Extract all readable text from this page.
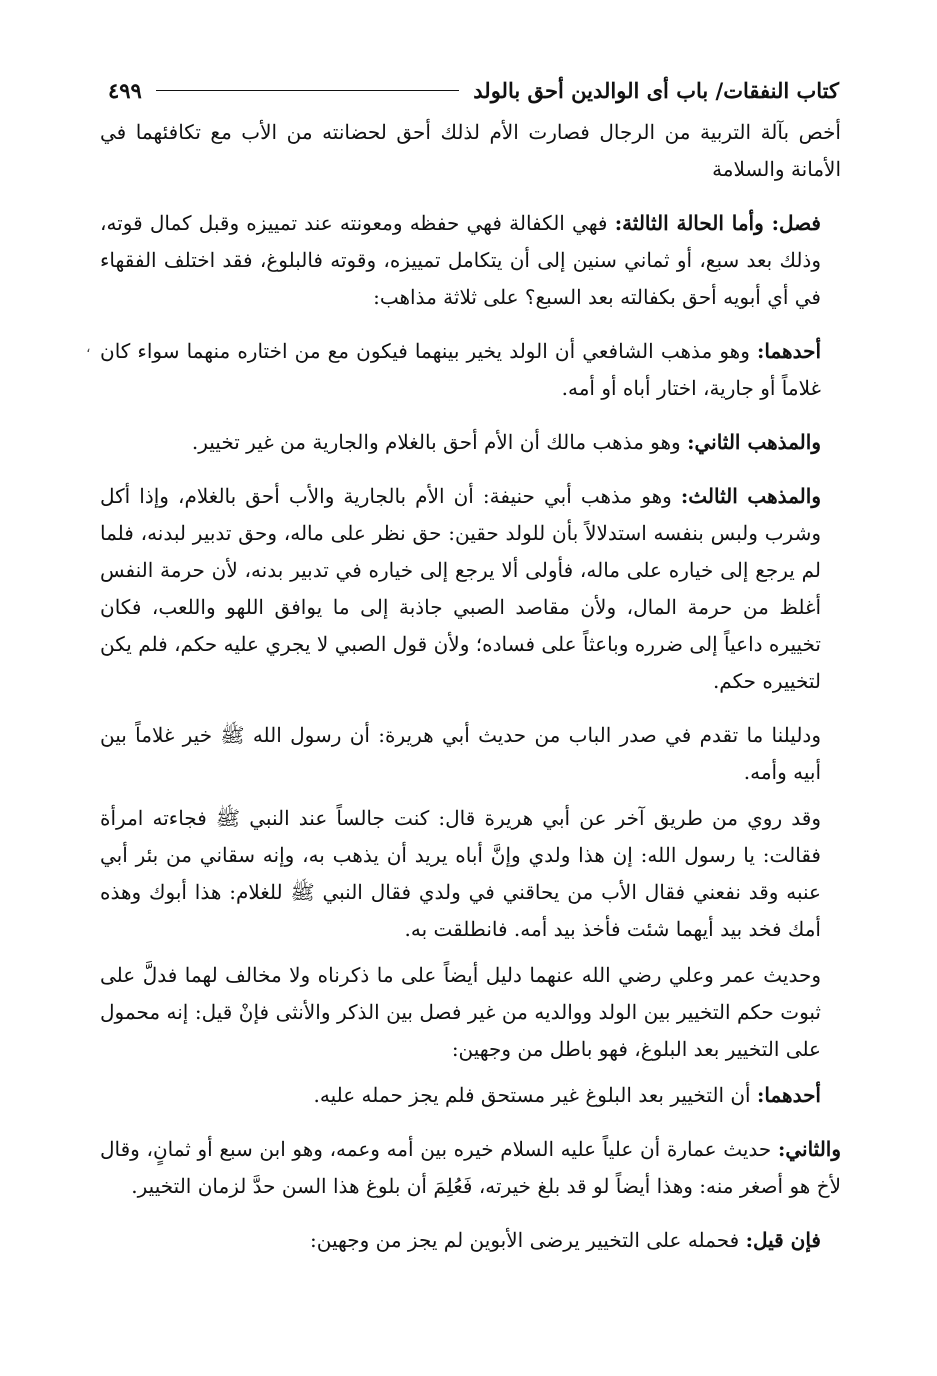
كتاب النفقات/ باب أى الوالدين أحق بالولد
٤٩٩
،

أخص بآلة التربية من الرجال فصارت الأم لذلك أحق لحضانته من الأب مع تكافئهما في الأمانة والسلامة

فصل: وأما الحالة الثالثة: فهي الكفالة فهي حفظه ومعونته عند تمييزه وقبل كمال قوته، وذلك بعد سبع، أو ثماني سنين إلى أن يتكامل تمييزه، وقوته فالبلوغ، فقد اختلف الفقهاء في أي أبويه أحق بكفالته بعد السبع؟ على ثلاثة مذاهب:

أحدهما: وهو مذهب الشافعي أن الولد يخير بينهما فيكون مع من اختاره منهما سواء كان غلاماً أو جارية، اختار أباه أو أمه.

والمذهب الثاني: وهو مذهب مالك أن الأم أحق بالغلام والجارية من غير تخيير.

والمذهب الثالث: وهو مذهب أبي حنيفة: أن الأم بالجارية والأب أحق بالغلام، وإذا أكل وشرب ولبس بنفسه استدلالاً بأن للولد حقين: حق نظر على ماله، وحق تدبير لبدنه، فلما لم يرجع إلى خياره على ماله، فأولى ألا يرجع إلى خياره في تدبير بدنه، لأن حرمة النفس أغلظ من حرمة المال، ولأن مقاصد الصبي جاذبة إلى ما يوافق اللهو واللعب، فكان تخييره داعياً إلى ضرره وباعثاً على فساده؛ ولأن قول الصبي لا يجري عليه حكم، فلم يكن لتخييره حكم.

ودليلنا ما تقدم في صدر الباب من حديث أبي هريرة: أن رسول الله ﷺ خير غلاماً بين أبيه وأمه.

وقد روي من طريق آخر عن أبي هريرة قال: كنت جالساً عند النبي ﷺ فجاءته امرأة فقالت: يا رسول الله: إن هذا ولدي وإنَّ أباه يريد أن يذهب به، وإنه سقاني من بئر أبي عنبه وقد نفعني فقال الأب من يحاقني في ولدي فقال النبي ﷺ للغلام: هذا أبوك وهذه أمك فخد بيد أيهما شئت فأخذ بيد أمه. فانطلقت به.

وحديث عمر وعلي رضي الله عنهما دليل أيضاً على ما ذكرناه ولا مخالف لهما فدلَّ على ثبوت حكم التخيير بين الولد ووالديه من غير فصل بين الذكر والأنثى فإنْ قيل: إنه محمول على التخيير بعد البلوغ، فهو باطل من وجهين:

أحدهما: أن التخيير بعد البلوغ غير مستحق فلم يجز حمله عليه.

والثاني: حديث عمارة أن علياً عليه السلام خيره بين أمه وعمه، وهو ابن سبع أو ثمانٍ، وقال لأخ هو أصغر منه: وهذا أيضاً لو قد بلغ خيرته، فَعُلِمَ أن بلوغ هذا السن حدَّ لزمان التخيير.

فإن قيل: فحمله على التخيير يرضى الأبوين لم يجز من وجهين:
